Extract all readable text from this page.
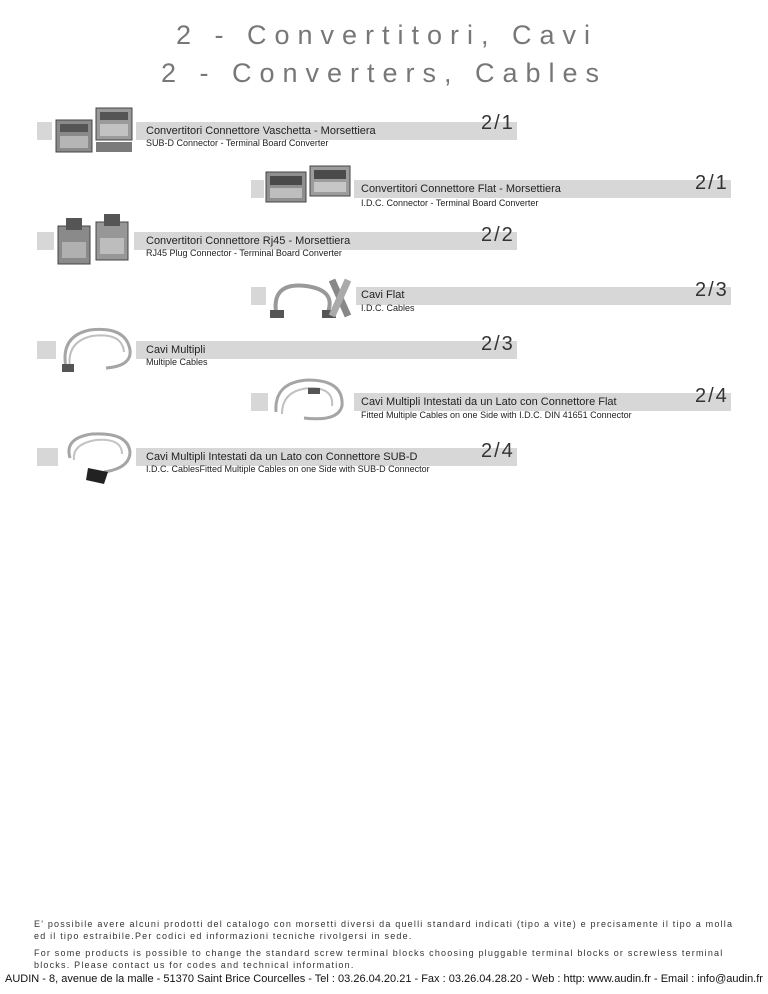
2 - Convertitori, Cavi
2 - Converters, Cables
Convertitori Connettore Vaschetta - Morsettiera
SUB-D Connector - Terminal Board Converter
2/1
Convertitori Connettore Flat - Morsettiera
I.D.C. Connector - Terminal Board Converter
2/1
Convertitori Connettore Rj45 - Morsettiera
RJ45 Plug Connector - Terminal Board Converter
2/2
Cavi Flat
I.D.C. Cables
2/3
Cavi Multipli
Multiple Cables
2/3
Cavi Multipli Intestati da un Lato con Connettore Flat
Fitted Multiple Cables on one Side with I.D.C. DIN 41651 Connector
2/4
Cavi Multipli Intestati da un Lato con Connettore SUB-D
I.D.C. CablesFitted Multiple Cables on one Side with SUB-D Connector
2/4
E' possibile avere alcuni prodotti del catalogo con morsetti diversi da quelli standard indicati (tipo a vite) e precisamente il tipo a molla ed il tipo estraibile.Per codici ed informazioni tecniche rivolgersi in sede.
For some products is possible to change the standard screw terminal blocks choosing pluggable terminal blocks or screwless terminal blocks. Please contact us for codes and technical information.
AUDIN - 8, avenue de la malle - 51370 Saint Brice Courcelles - Tel : 03.26.04.20.21 - Fax : 03.26.04.28.20 - Web : http: www.audin.fr - Email : info@audin.fr
